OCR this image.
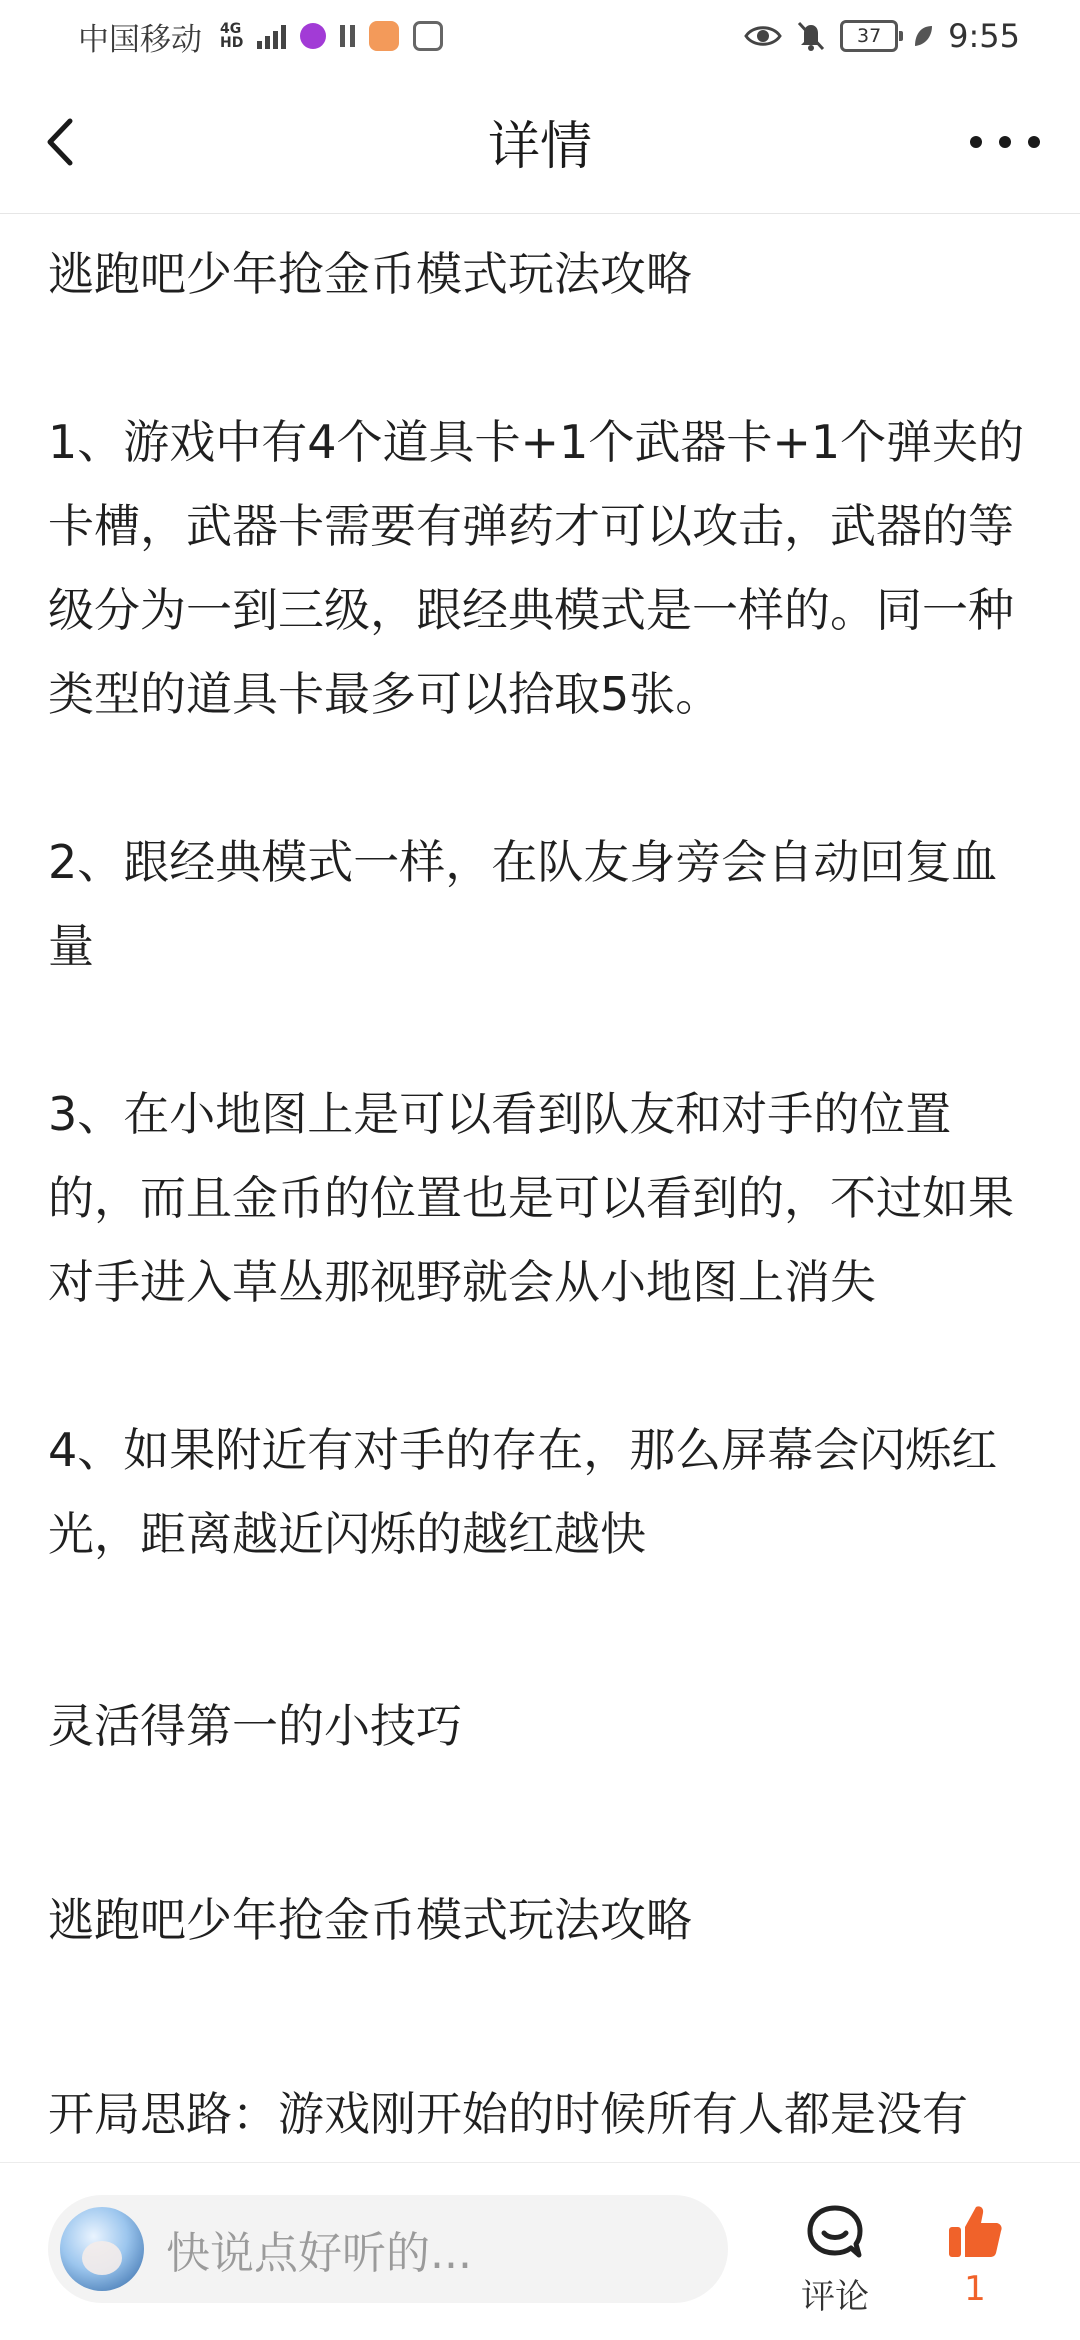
中国移动 4G
HD	37	9:55
详情

逃跑吧少年抢金币模式玩法攻略

1、游戏中有4个道具卡+1个武器卡+1个弹夹的卡槽，武器卡需要有弹药才可以攻击，武器的等级分为一到三级，跟经典模式是一样的。同一种类型的道具卡最多可以拾取5张。

2、跟经典模式一样，在队友身旁会自动回复血量

3、在小地图上是可以看到队友和对手的位置的，而且金币的位置也是可以看到的，不过如果对手进入草丛那视野就会从小地图上消失

4、如果附近有对手的存在，那么屏幕会闪烁红光，距离越近闪烁的越红越快

灵活得第一的小技巧

逃跑吧少年抢金币模式玩法攻略

开局思路：游戏刚开始的时候所有人都是没有

快说点好听的...
评论	1
